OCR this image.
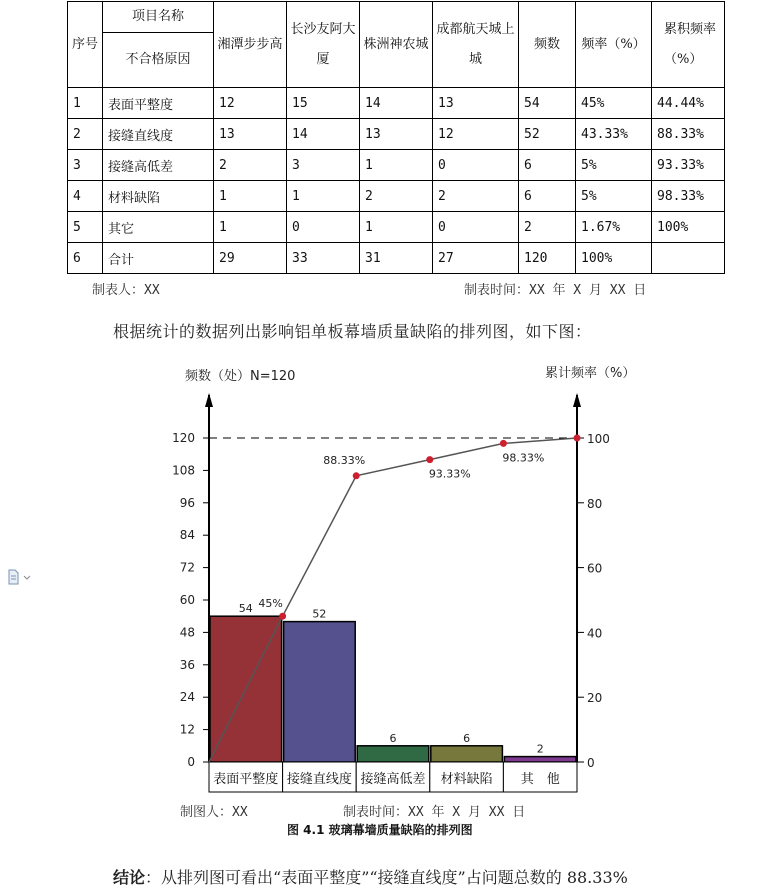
序号	项目名称	湘潭步步高	长沙友阿大厦	株洲神农城	成都航天城上城	频数	频率（%）	累积频率（%）
	不合格原因							
1	表面平整度	12	15	14	13	54	45%	44.44%
2	接缝直线度	13	14	13	12	52	43.33%	88.33%
3	接缝高低差	2	3	1	0	6	5%	93.33%
4	材料缺陷	1	1	2	2	6	5%	98.33%
5	其它	1	0	1	0	2	1.67%	100%
6	合计	29	33	31	27	120	100%	
制表人：XX	制表时间：XX 年 X 月 XX 日
根据统计的数据列出影响铝单板幕墙质量缺陷的排列图，如下图：
频数（处）N=120	累计频率（%）
0
12
24
36
48
60
72
84
96
108
120
0
20
40
60
80
100
54
表面平整度
52
接缝直线度
6
接缝高低差
6
材料缺陷
2
其　他
45%
88.33%
93.33%
98.33%
制图人：XX	制表时间：XX 年 X 月 XX 日
图 4.1 玻璃幕墙质量缺陷的排列图
结论：从排列图可看出“表面平整度”“接缝直线度”占问题总数的 88.33%
